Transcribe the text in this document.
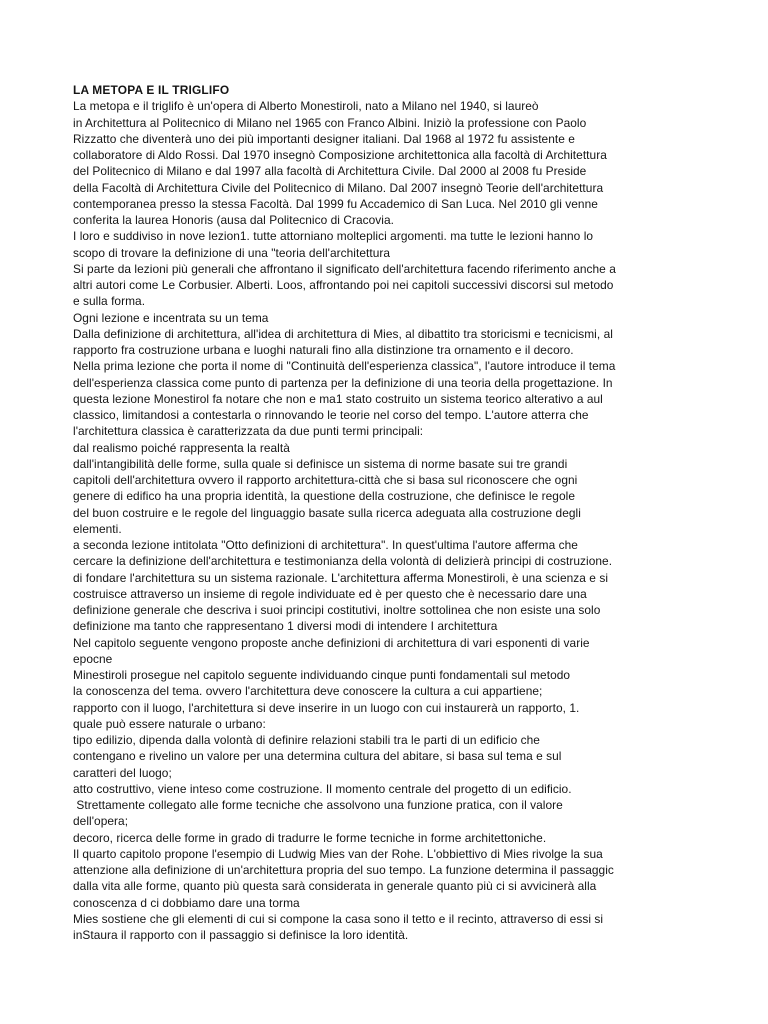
LA METOPA E IL TRIGLIFO
La metopa e il triglifo è un'opera di Alberto Monestiroli, nato a Milano nel 1940, si laureò
in Architettura al Politecnico di Milano nel 1965 con Franco Albini. Iniziò la professione con Paolo
Rizzatto che diventerà uno dei più importanti designer italiani. Dal 1968 al 1972 fu assistente e
collaboratore di Aldo Rossi. Dal 1970 insegnò Composizione architettonica alla facoltà di Architettura
del Politecnico di Milano e dal 1997 alla facoltà di Architettura Civile. Dal 2000 al 2008 fu Preside
della Facoltà di Architettura Civile del Politecnico di Milano. Dal 2007 insegnò Teorie dell'architettura
contemporanea presso la stessa Facoltà. Dal 1999 fu Accademico di San Luca. Nel 2010 gli venne
conferita la laurea Honoris (ausa dal Politecnico di Cracovia.
I loro e suddiviso in nove lezion1. tutte attorniano molteplici argomenti. ma tutte le lezioni hanno lo
scopo di trovare la definizione di una "teoria dell'architettura
Si parte da lezioni più generali che affrontano il significato dell'architettura facendo riferimento anche a
altri autori come Le Corbusier. Alberti. Loos, affrontando poi nei capitoli successivi discorsi sul metodo
e sulla forma.
Ogni lezione e incentrata su un tema
Dalla definizione di architettura, all'idea di architettura di Mies, al dibattito tra storicismi e tecnicismi, al
rapporto fra costruzione urbana e luoghi naturali fino alla distinzione tra ornamento e il decoro.
Nella prima lezione che porta il nome di "Continuità dell'esperienza classica", l'autore introduce il tema
dell'esperienza classica come punto di partenza per la definizione di una teoria della progettazione. In
questa lezione Monestirol fa notare che non e ma1 stato costruito un sistema teorico alterativo a aul
classico, limitandosi a contestarla o rinnovando le teorie nel corso del tempo. L'autore atterra che
l'architettura classica è caratterizzata da due punti termi principali:
dal realismo poiché rappresenta la realtà
dall'intangibilità delle forme, sulla quale si definisce un sistema di norme basate sui tre grandi
capitoli dell'architettura ovvero il rapporto architettura-città che si basa sul riconoscere che ogni
genere di edifico ha una propria identità, la questione della costruzione, che definisce le regole
del buon costruire e le regole del linguaggio basate sulla ricerca adeguata alla costruzione degli
elementi.
a seconda lezione intitolata "Otto definizioni di architettura". In quest'ultima l'autore afferma che
cercare la definizione dell'architettura e testimonianza della volontà di delizierà principi di costruzione.
di fondare l'architettura su un sistema razionale. L'architettura afferma Monestiroli, è una scienza e si
costruisce attraverso un insieme di regole individuate ed è per questo che è necessario dare una
definizione generale che descriva i suoi principi costitutivi, inoltre sottolinea che non esiste una solo
definizione ma tanto che rappresentano 1 diversi modi di intendere I architettura
Nel capitolo seguente vengono proposte anche definizioni di architettura di vari esponenti di varie
epocne
Minestiroli prosegue nel capitolo seguente individuando cinque punti fondamentali sul metodo
la conoscenza del tema. ovvero l'architettura deve conoscere la cultura a cui appartiene;
rapporto con il luogo, l'architettura si deve inserire in un luogo con cui instaurerà un rapporto, 1.
quale può essere naturale o urbano:
tipo edilizio, dipenda dalla volontà di definire relazioni stabili tra le parti di un edificio che
contengano e rivelino un valore per una determina cultura del abitare, si basa sul tema e sul
caratteri del luogo;
atto costruttivo, viene inteso come costruzione. Il momento centrale del progetto di un edificio.
Strettamente collegato alle forme tecniche che assolvono una funzione pratica, con il valore
dell'opera;
decoro, ricerca delle forme in grado di tradurre le forme tecniche in forme architettoniche.
Il quarto capitolo propone l'esempio di Ludwig Mies van der Rohe. L'obbiettivo di Mies rivolge la sua
attenzione alla definizione di un'architettura propria del suo tempo. La funzione determina il passaggic
dalla vita alle forme, quanto più questa sarà considerata in generale quanto più ci si avvicinerà alla
conoscenza d ci dobbiamo dare una torma
Mies sostiene che gli elementi di cui si compone la casa sono il tetto e il recinto, attraverso di essi si
inStaura il rapporto con il passaggio si definisce la loro identità.
